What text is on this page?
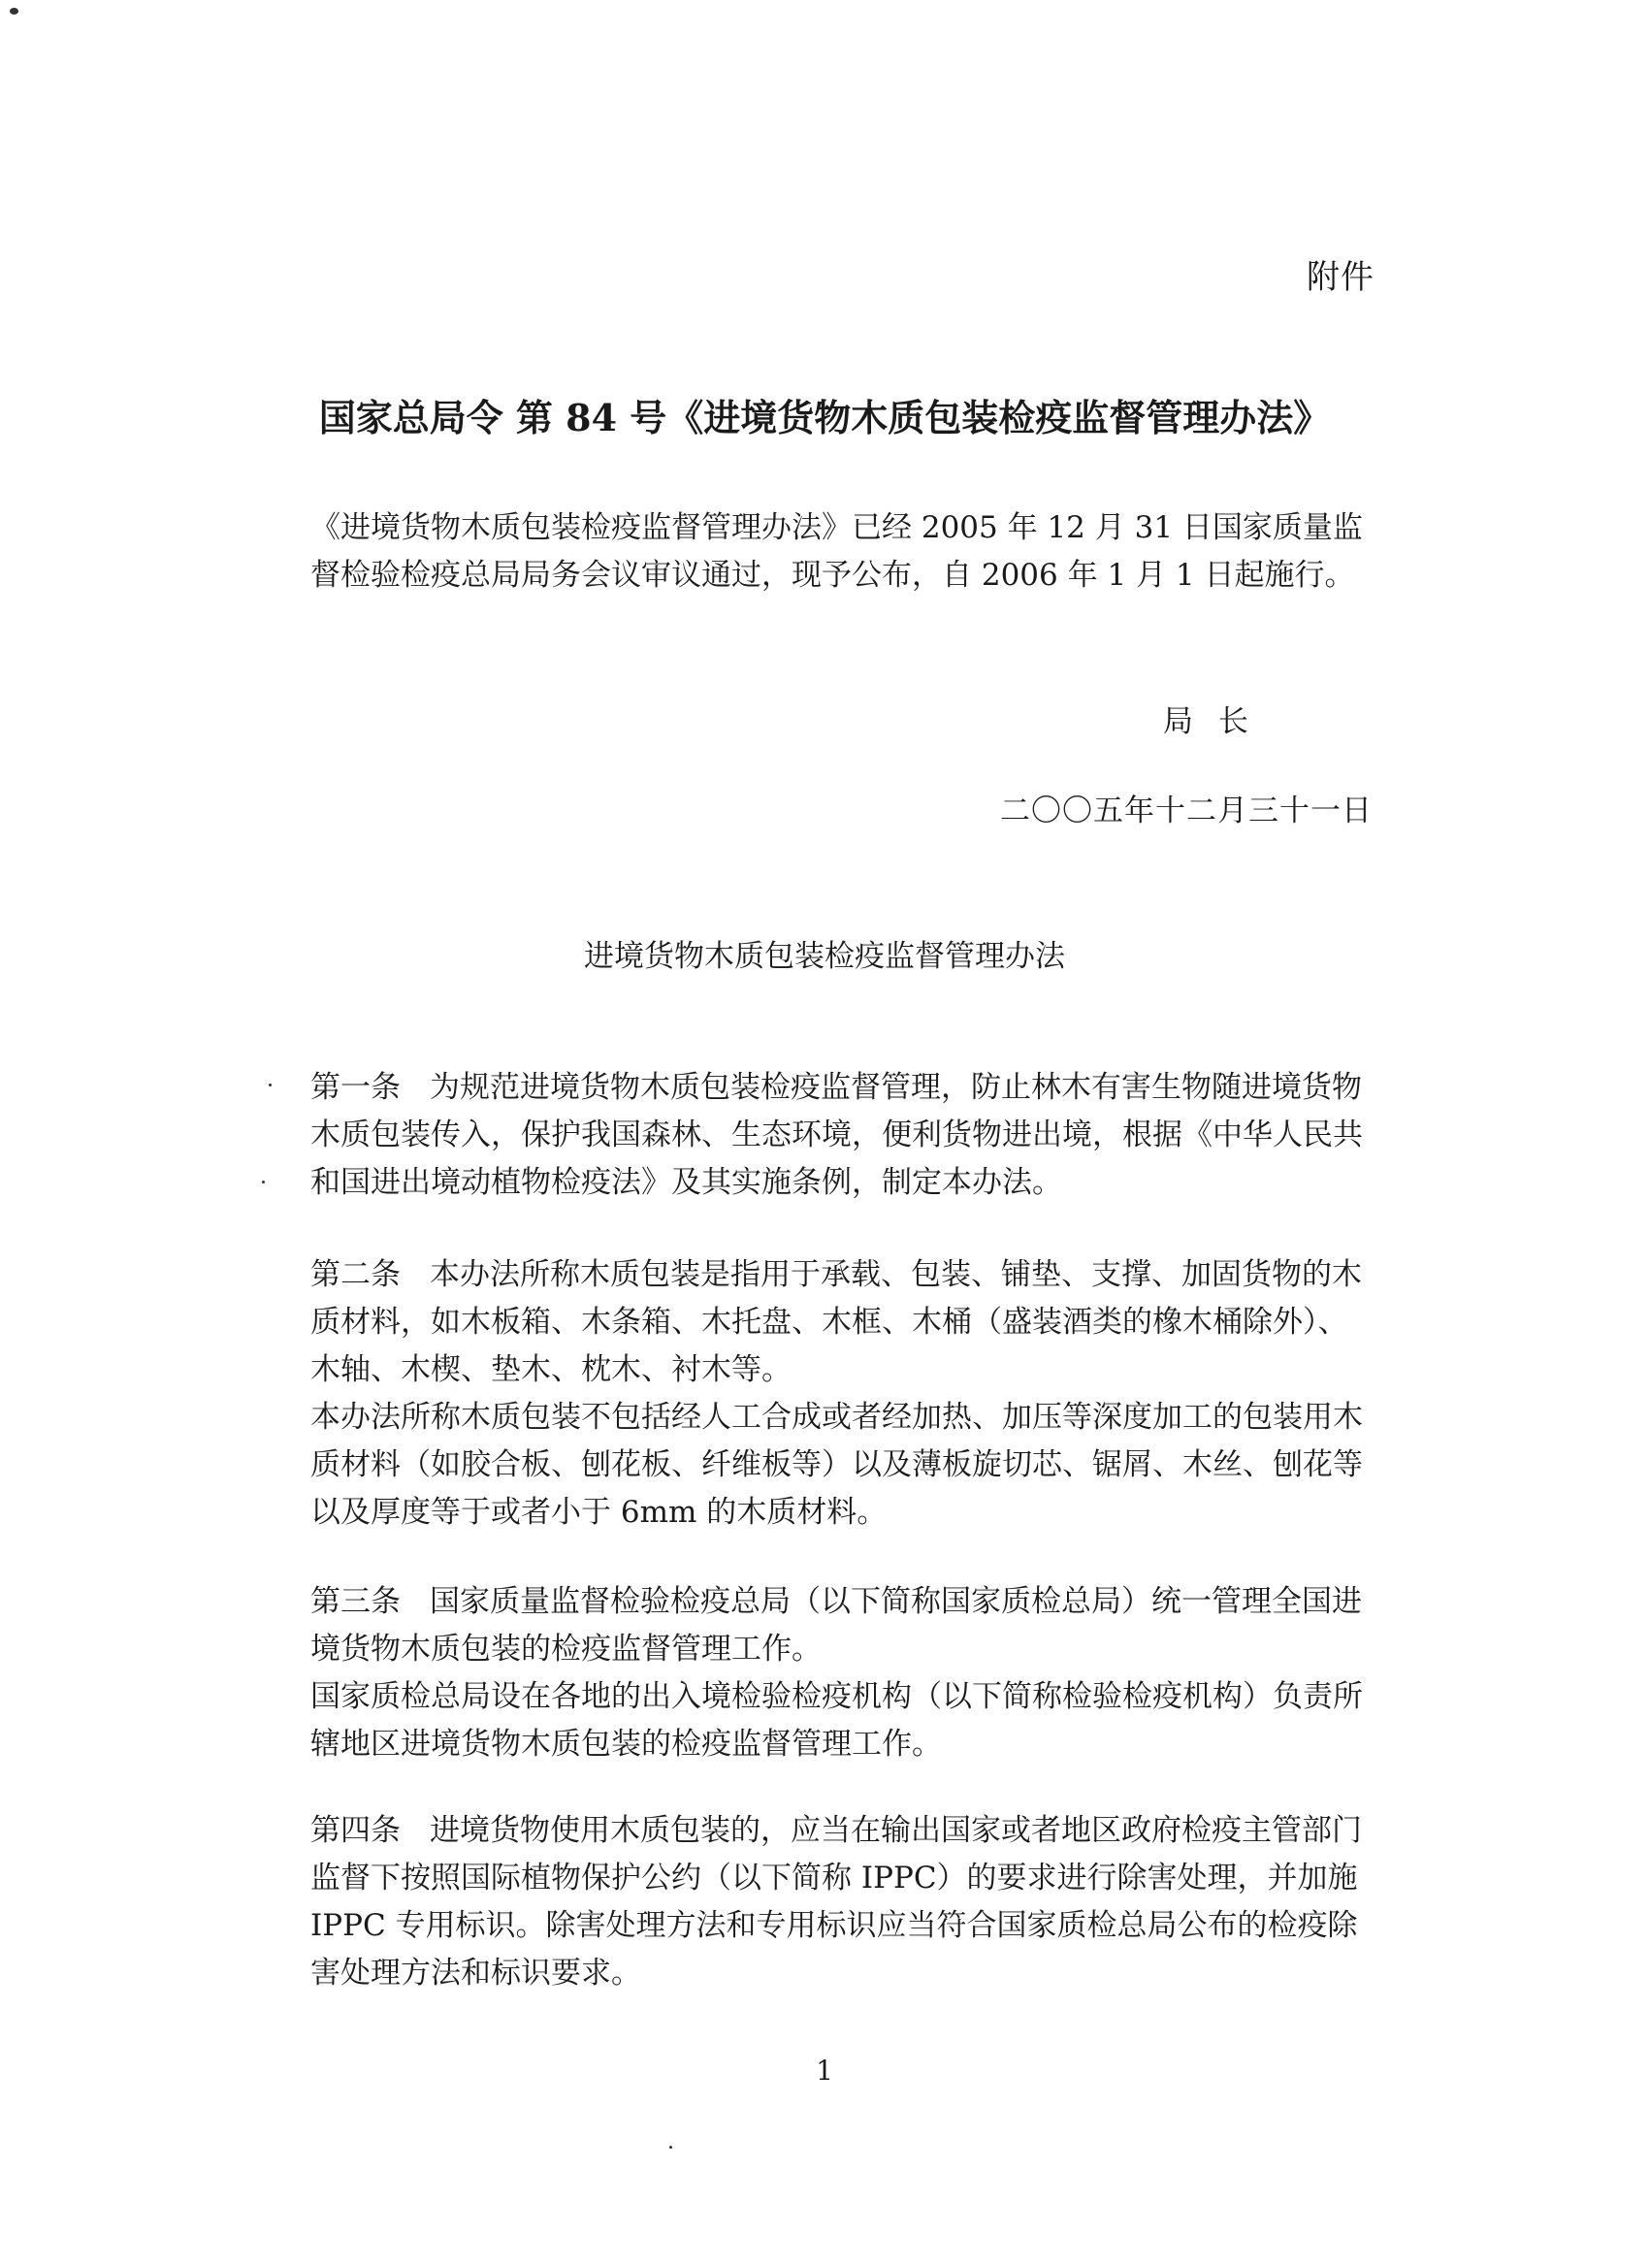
附件
国家总局令 第 84 号《进境货物木质包装检疫监督管理办法》

《进境货物木质包装检疫监督管理办法》已经 2005 年 12 月 31 日国家质量监督检验检疫总局局务会议审议通过，现予公布，自 2006 年 1 月 1 日起施行。

局 长
二〇〇五年十二月三十一日
进境货物木质包装检疫监督管理办法

第一条 为规范进境货物木质包装检疫监督管理，防止林木有害生物随进境货物木质包装传入，保护我国森林、生态环境，便利货物进出境，根据《中华人民共和国进出境动植物检疫法》及其实施条例，制定本办法。

第二条 本办法所称木质包装是指用于承载、包装、铺垫、支撑、加固货物的木质材料，如木板箱、木条箱、木托盘、木框、木桶（盛装酒类的橡木桶除外）、木轴、木楔、垫木、枕木、衬木等。

本办法所称木质包装不包括经人工合成或者经加热、加压等深度加工的包装用木质材料（如胶合板、刨花板、纤维板等）以及薄板旋切芯、锯屑、木丝、刨花等以及厚度等于或者小于 6mm 的木质材料。

第三条 国家质量监督检验检疫总局（以下简称国家质检总局）统一管理全国进境货物木质包装的检疫监督管理工作。

国家质检总局设在各地的出入境检验检疫机构（以下简称检验检疫机构）负责所辖地区进境货物木质包装的检疫监督管理工作。

第四条 进境货物使用木质包装的，应当在输出国家或者地区政府检疫主管部门监督下按照国际植物保护公约（以下简称 IPPC）的要求进行除害处理，并加施 IPPC 专用标识。除害处理方法和专用标识应当符合国家质检总局公布的检疫除害处理方法和标识要求。

1
